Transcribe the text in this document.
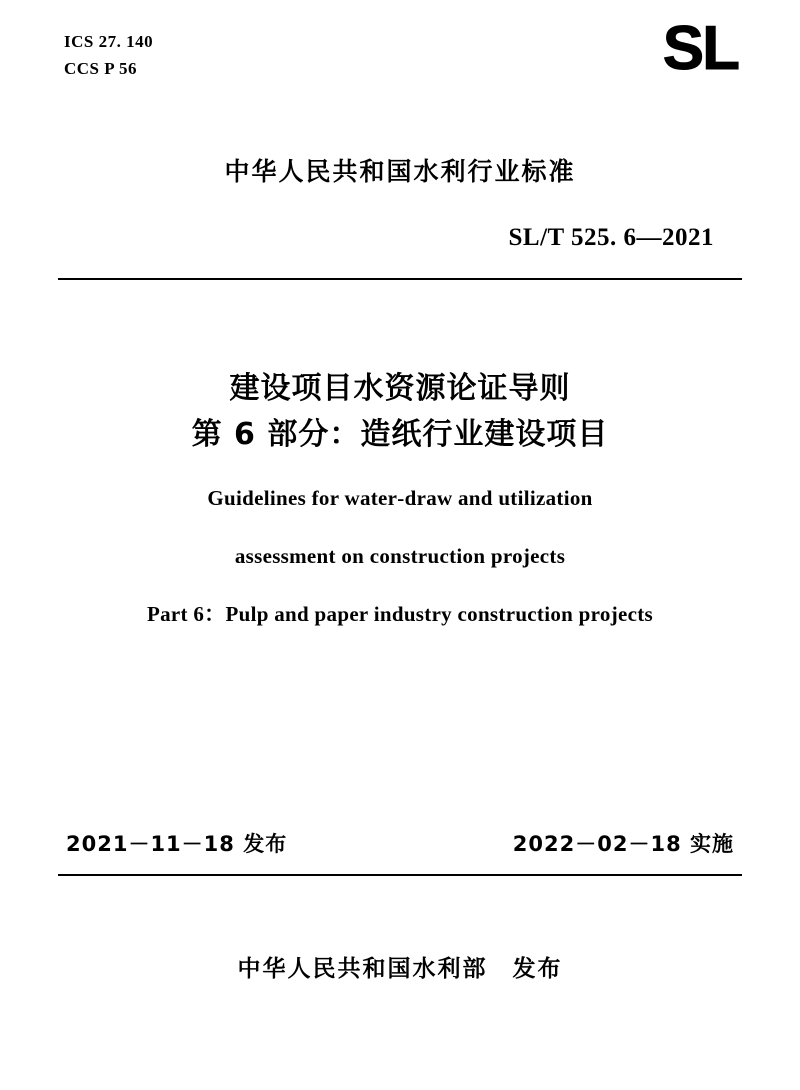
ICS 27. 140
CCS P 56	SL
中华人民共和国水利行业标准
SL/T 525. 6—2021
建设项目水资源论证导则
第 6 部分：造纸行业建设项目
Guidelines for water‑draw and utilization
assessment on construction projects
Part 6：Pulp and paper industry construction projects
2021－11－18 发布	2022－02－18 实施
中华人民共和国水利部　发布
